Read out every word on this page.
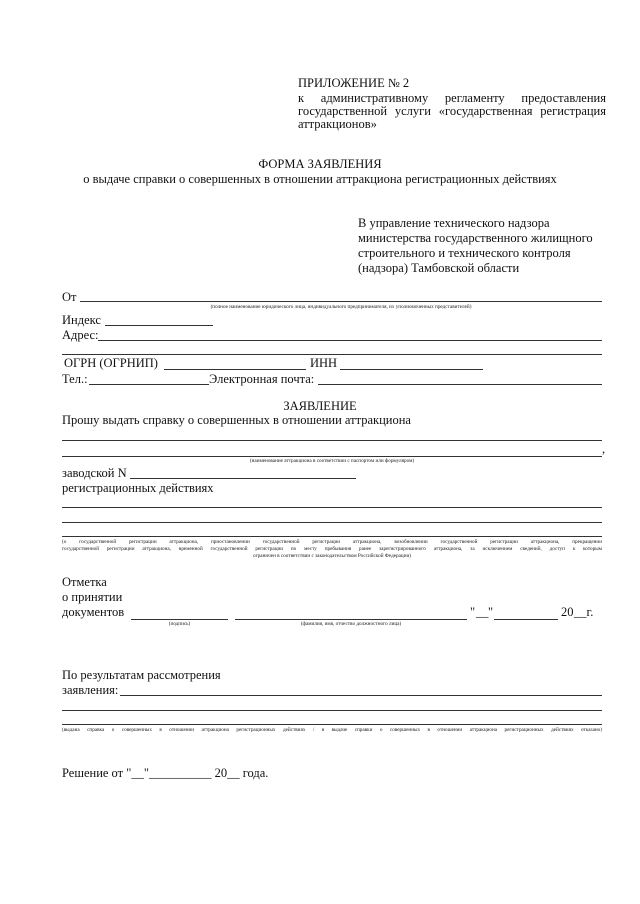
ПРИЛОЖЕНИЕ № 2
к административному регламенту предоставления
государственной услуги «государственная регистрация
аттракционов»
ФОРМА ЗАЯВЛЕНИЯ
о выдаче справки о совершенных в отношении аттракциона регистрационных действиях
В управление технического надзора
министерства государственного жилищного
строительного и технического контроля
(надзора) Тамбовской области
От
(полное наименование юридического лица, индивидуального предпринимателя, их уполномоченных представителей)
Индекс
Адрес:
ОГРН (ОГРНИП)	ИНН
Тел.:	Электронная почта:
ЗАЯВЛЕНИЕ
Прошу выдать справку о совершенных в отношении аттракциона
,
(наименование аттракциона в соответствии с паспортом или формуляром)
заводской N
регистрационных действиях
(о государственной регистрации аттракциона, приостановлении государственной регистрации аттракциона, возобновлении государственной регистрации аттракциона, прекращении
государственной регистрации аттракциона, временной государственной регистрации по месту пребывания ранее зарегистрированного аттракциона, за исключением сведений, доступ к которым
ограничен в соответствии с законодательством Российской Федерации)
Отметка
о принятии
документов	" __ "	20 __г.
(подпись)	(фамилия, имя, отчество должностного лица)
По результатам рассмотрения
заявления:
(выдана справка о совершенных в отношении аттракциона регистрационных действиях / в выдаче справки о совершенных в отношении аттракциона регистрационных действиях отказано)
Решение от "__"__________ 20__ года.
